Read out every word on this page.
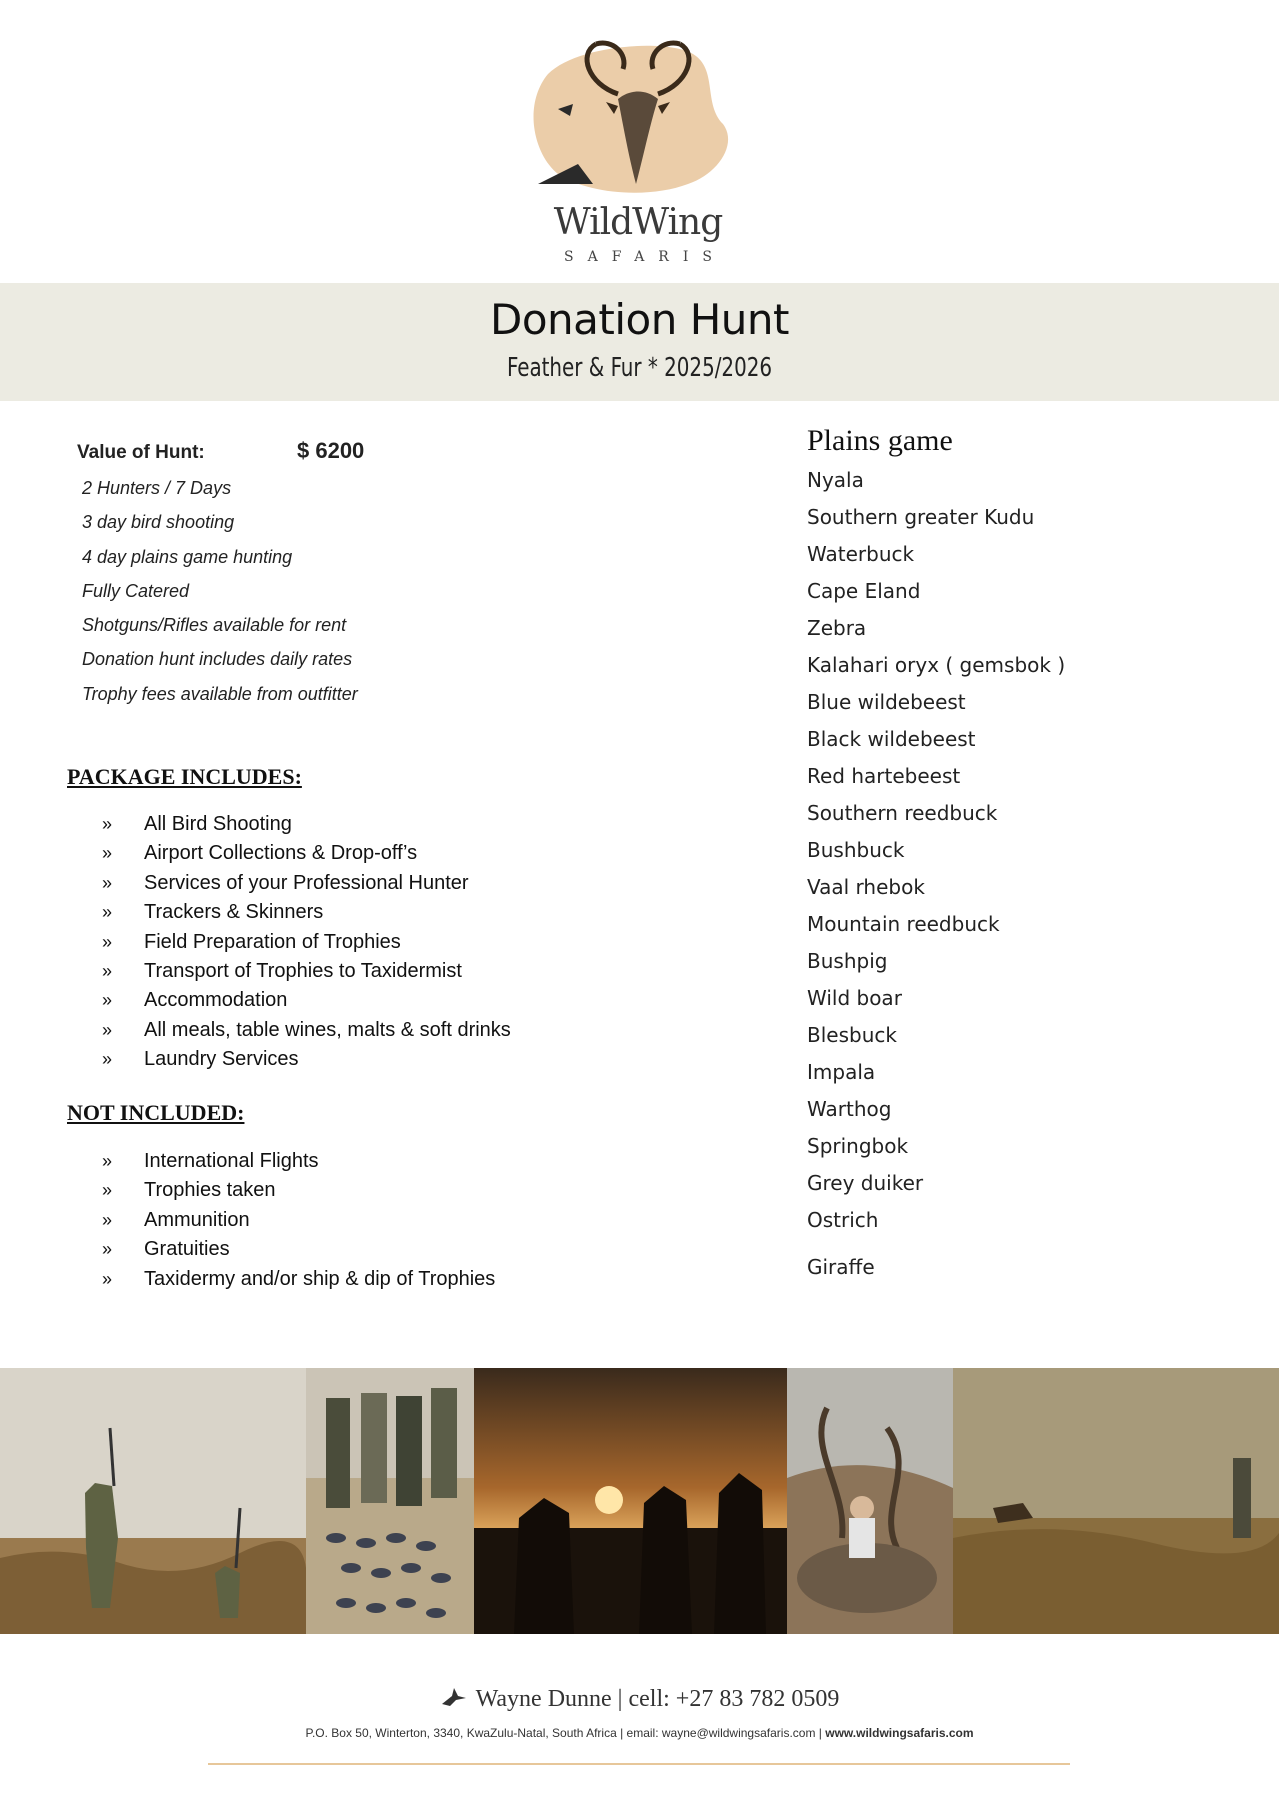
WildWing
SAFARIS
Donation Hunt
Feather & Fur * 2025/2026
Value of Hunt:	$ 6200
2 Hunters / 7 Days
3 day bird shooting
4 day plains game hunting
Fully Catered
Shotguns/Rifles available for rent
Donation hunt includes daily rates
Trophy fees available from outfitter
PACKAGE INCLUDES:
» All Bird Shooting
» Airport Collections & Drop-off’s
» Services of your Professional Hunter
» Trackers & Skinners
» Field Preparation of Trophies
» Transport of Trophies to Taxidermist
» Accommodation
» All meals, table wines, malts & soft drinks
» Laundry Services
NOT INCLUDED:
» International Flights
» Trophies taken
» Ammunition
» Gratuities
» Taxidermy and/or ship & dip of Trophies
Plains game
Nyala
Southern greater Kudu
Waterbuck
Cape Eland
Zebra
Kalahari oryx ( gemsbok )
Blue wildebeest
Black wildebeest
Red hartebeest
Southern reedbuck
Bushbuck
Vaal rhebok
Mountain reedbuck
Bushpig
Wild boar
Blesbuck
Impala
Warthog
Springbok
Grey duiker
Ostrich
Giraffe
Wayne Dunne | cell: +27 83 782 0509
P.O. Box 50, Winterton, 3340, KwaZulu-Natal, South Africa | email: wayne@wildwingsafaris.com | www.wildwingsafaris.com
